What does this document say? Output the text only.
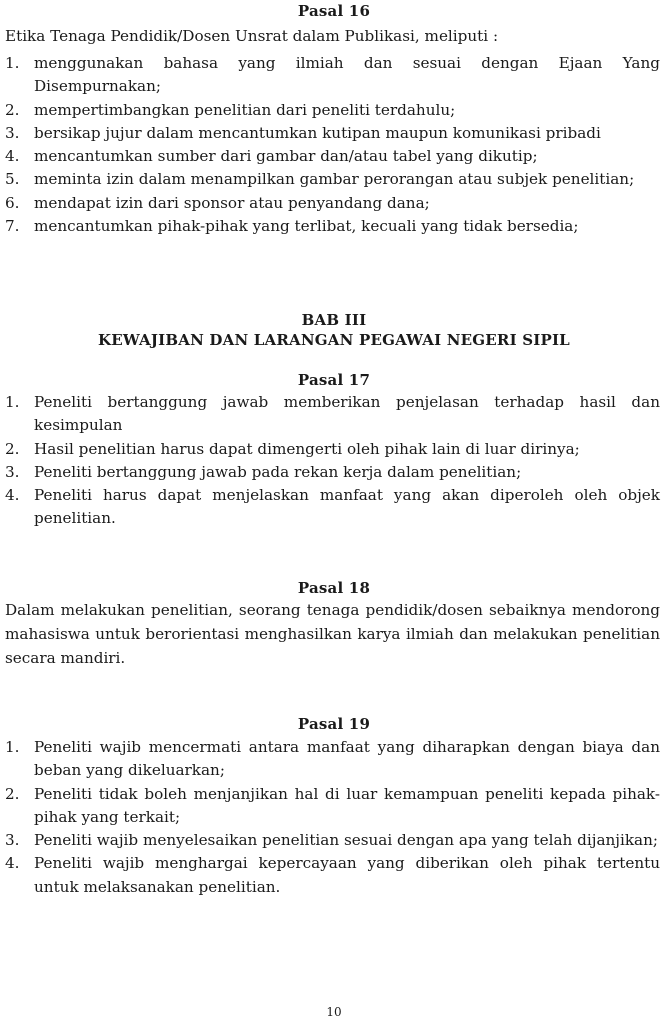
Pasal 16
Etika Tenaga Pendidik/Dosen Unsrat dalam Publikasi, meliputi :
1. menggunakan bahasa yang ilmiah dan sesuai dengan Ejaan Yang Disempurnakan;
2. mempertimbangkan penelitian dari peneliti terdahulu;
3. bersikap jujur dalam mencantumkan kutipan maupun komunikasi pribadi
4. mencantumkan sumber dari gambar dan/atau tabel yang dikutip;
5. meminta izin dalam menampilkan gambar perorangan atau subjek penelitian;
6. mendapat izin dari sponsor atau penyandang dana;
7. mencantumkan pihak-pihak yang terlibat, kecuali yang tidak bersedia;
BAB III
KEWAJIBAN DAN LARANGAN PEGAWAI NEGERI SIPIL
Pasal 17
1. Peneliti bertanggung jawab memberikan penjelasan terhadap hasil dan kesimpulan
2. Hasil penelitian harus dapat dimengerti oleh pihak lain di luar dirinya;
3. Peneliti bertanggung jawab pada rekan kerja dalam penelitian;
4. Peneliti harus dapat menjelaskan manfaat yang akan diperoleh oleh objek penelitian.
Pasal 18
Dalam melakukan penelitian, seorang tenaga pendidik/dosen sebaiknya mendorong mahasiswa untuk berorientasi menghasilkan karya ilmiah dan melakukan penelitian secara mandiri.
Pasal 19
1. Peneliti wajib mencermati antara manfaat yang diharapkan dengan biaya dan beban yang dikeluarkan;
2. Peneliti tidak boleh menjanjikan hal di luar kemampuan peneliti kepada pihak-pihak yang terkait;
3. Peneliti wajib menyelesaikan penelitian sesuai dengan apa yang telah dijanjikan;
4. Peneliti wajib menghargai kepercayaan yang diberikan oleh pihak tertentu untuk melaksanakan penelitian.
10
